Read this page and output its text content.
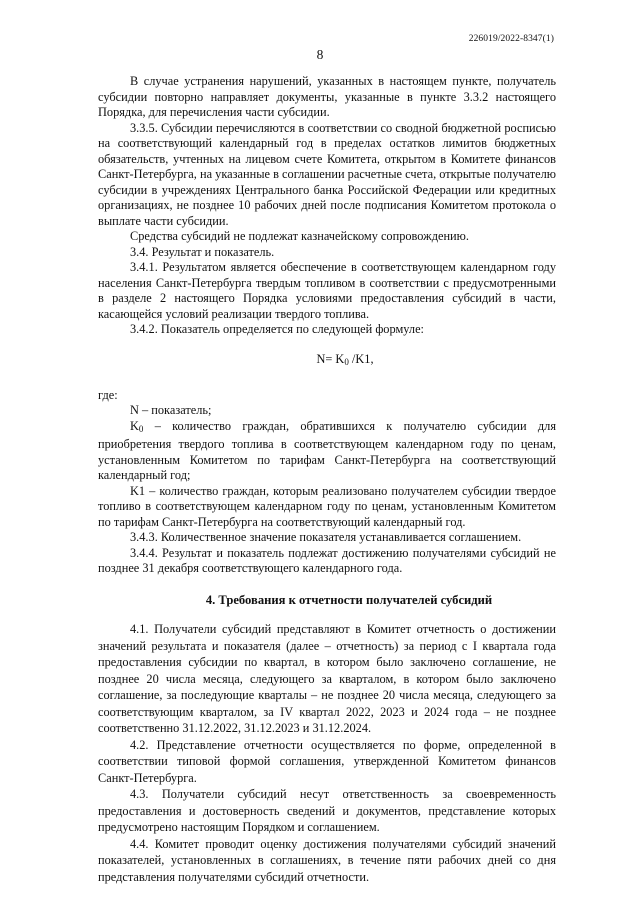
226019/2022-8347(1)
8

В случае устранения нарушений, указанных в настоящем пункте, получатель субсидии повторно направляет документы, указанные в пункте 3.3.2 настоящего Порядка, для перечисления части субсидии.

3.3.5. Субсидии перечисляются в соответствии со сводной бюджетной росписью на соответствующий календарный год в пределах остатков лимитов бюджетных обязательств, учтенных на лицевом счете Комитета, открытом в Комитете финансов Санкт-Петербурга, на указанные в соглашении расчетные счета, открытые получателю субсидии в учреждениях Центрального банка Российской Федерации или кредитных организациях, не позднее 10 рабочих дней после подписания Комитетом протокола о выплате части субсидии.

Средства субсидий не подлежат казначейскому сопровождению.

3.4. Результат и показатель.

3.4.1. Результатом является обеспечение в соответствующем календарном году населения Санкт-Петербурга твердым топливом в соответствии с предусмотренными в разделе 2 настоящего Порядка условиями предоставления субсидий в части, касающейся условий реализации твердого топлива.

3.4.2. Показатель определяется по следующей формуле:

$N= K_0$ /K1,

где:

N – показатель;

$K_0$ – количество граждан, обратившихся к получателю субсидии для приобретения твердого топлива в соответствующем календарном году по ценам, установленным Комитетом по тарифам Санкт-Петербурга на соответствующий календарный год;

K1 – количество граждан, которым реализовано получателем субсидии твердое топливо в соответствующем календарном году по ценам, установленным Комитетом по тарифам Санкт-Петербурга на соответствующий календарный год.

3.4.3. Количественное значение показателя устанавливается соглашением.

3.4.4. Результат и показатель подлежат достижению получателями субсидий не позднее 31 декабря соответствующего календарного года.

4. Требования к отчетности получателей субсидий

4.1. Получатели субсидий представляют в Комитет отчетность о достижении значений результата и показателя (далее – отчетность) за период с I квартала года предоставления субсидии по квартал, в котором было заключено соглашение, не позднее 20 числа месяца, следующего за кварталом, в котором было заключено соглашение, за последующие кварталы – не позднее 20 числа месяца, следующего за соответствующим кварталом, за IV квартал 2022, 2023 и 2024 года – не позднее соответственно 31.12.2022, 31.12.2023 и 31.12.2024.

4.2. Представление отчетности осуществляется по форме, определенной в соответствии типовой формой соглашения, утвержденной Комитетом финансов Санкт-Петербурга.

4.3. Получатели субсидий несут ответственность за своевременность предоставления и достоверность сведений и документов, представление которых предусмотрено настоящим Порядком и соглашением.

4.4. Комитет проводит оценку достижения получателями субсидий значений показателей, установленных в соглашениях, в течение пяти рабочих дней со дня представления получателями субсидий отчетности.
